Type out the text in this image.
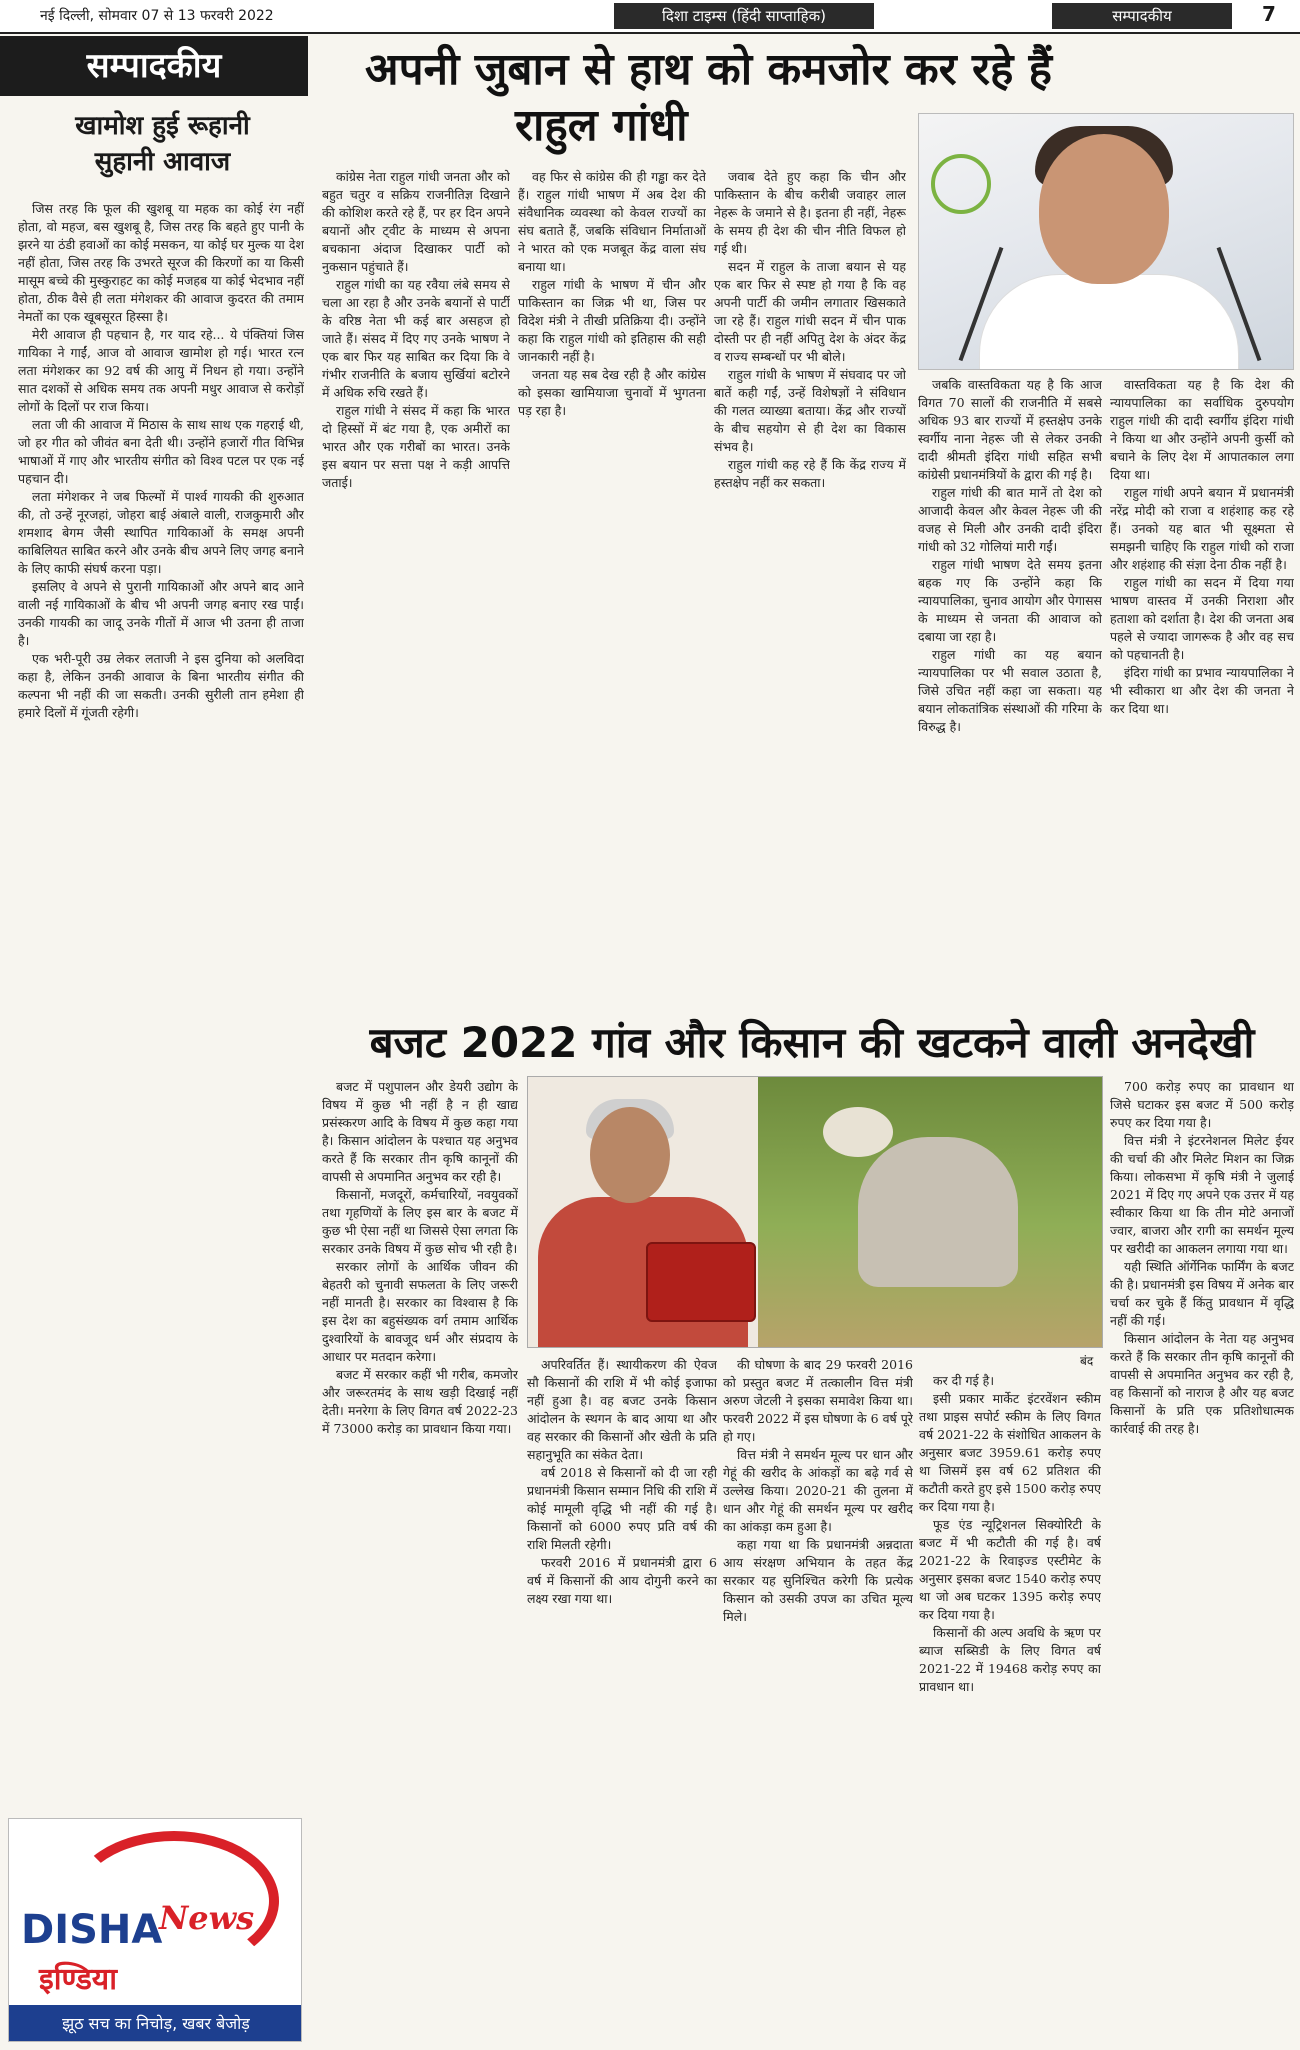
नई दिल्ली, सोमवार 07 से 13 फरवरी 2022	दिशा टाइम्स (हिंदी साप्ताहिक)	सम्पादकीय	7
सम्पादकीय	अपनी जुबान से हाथ को कमजोर कर रहे हैं
राहुल गांधी
खामोश हुई रूहानी
सुहानी आवाज

जिस तरह कि फूल की खुशबू या महक का कोई रंग नहीं होता, वो महज, बस खुशबू है, जिस तरह कि बहते हुए पानी के झरने या ठंडी हवाओं का कोई मसकन, या कोई घर मुल्क या देश नहीं होता, जिस तरह कि उभरते सूरज की किरणों का या किसी मासूम बच्चे की मुस्कुराहट का कोई मजहब या कोई भेदभाव नहीं होता, ठीक वैसे ही लता मंगेशकर की आवाज कुदरत की तमाम नेमतों का एक खूबसूरत हिस्सा है।

मेरी आवाज ही पहचान है, गर याद रहे... ये पंक्तियां जिस गायिका ने गाईं, आज वो आवाज खामोश हो गई। भारत रत्न लता मंगेशकर का 92 वर्ष की आयु में निधन हो गया। उन्होंने सात दशकों से अधिक समय तक अपनी मधुर आवाज से करोड़ों लोगों के दिलों पर राज किया।

लता जी की आवाज में मिठास के साथ साथ एक गहराई थी, जो हर गीत को जीवंत बना देती थी। उन्होंने हजारों गीत विभिन्न भाषाओं में गाए और भारतीय संगीत को विश्व पटल पर एक नई पहचान दी।

लता मंगेशकर ने जब फिल्मों में पार्श्व गायकी की शुरुआत की, तो उन्हें नूरजहां, जोहरा बाई अंबाले वाली, राजकुमारी और शमशाद बेगम जैसी स्थापित गायिकाओं के समक्ष अपनी काबिलियत साबित करने और उनके बीच अपने लिए जगह बनाने के लिए काफी संघर्ष करना पड़ा।

इसलिए वे अपने से पुरानी गायिकाओं और अपने बाद आने वाली नई गायिकाओं के बीच भी अपनी जगह बनाए रख पाईं। उनकी गायकी का जादू उनके गीतों में आज भी उतना ही ताजा है।

एक भरी-पूरी उम्र लेकर लताजी ने इस दुनिया को अलविदा कहा है, लेकिन उनकी आवाज के बिना भारतीय संगीत की कल्पना भी नहीं की जा सकती। उनकी सुरीली तान हमेशा ही हमारे दिलों में गूंजती रहेगी।

कांग्रेस नेता राहुल गांधी जनता और को बहुत चतुर व सक्रिय राजनीतिज्ञ दिखाने की कोशिश करते रहे हैं, पर हर दिन अपने बयानों और ट्वीट के माध्यम से अपना बचकाना अंदाज दिखाकर पार्टी को नुकसान पहुंचाते हैं।

राहुल गांधी का यह रवैया लंबे समय से चला आ रहा है और उनके बयानों से पार्टी के वरिष्ठ नेता भी कई बार असहज हो जाते हैं। संसद में दिए गए उनके भाषण ने एक बार फिर यह साबित कर दिया कि वे गंभीर राजनीति के बजाय सुर्खियां बटोरने में अधिक रुचि रखते हैं।

राहुल गांधी ने संसद में कहा कि भारत दो हिस्सों में बंट गया है, एक अमीरों का भारत और एक गरीबों का भारत। उनके इस बयान पर सत्ता पक्ष ने कड़ी आपत्ति जताई।

वह फिर से कांग्रेस की ही गड्ढा कर देते हैं। राहुल गांधी भाषण में अब देश की संवैधानिक व्यवस्था को केवल राज्यों का संघ बताते हैं, जबकि संविधान निर्माताओं ने भारत को एक मजबूत केंद्र वाला संघ बनाया था।

राहुल गांधी के भाषण में चीन और पाकिस्तान का जिक्र भी था, जिस पर विदेश मंत्री ने तीखी प्रतिक्रिया दी। उन्होंने कहा कि राहुल गांधी को इतिहास की सही जानकारी नहीं है।

जनता यह सब देख रही है और कांग्रेस को इसका खामियाजा चुनावों में भुगतना पड़ रहा है।

जवाब देते हुए कहा कि चीन और पाकिस्तान के बीच करीबी जवाहर लाल नेहरू के जमाने से है। इतना ही नहीं, नेहरू के समय ही देश की चीन नीति विफल हो गई थी।

सदन में राहुल के ताजा बयान से यह एक बार फिर से स्पष्ट हो गया है कि वह अपनी पार्टी की जमीन लगातार खिसकाते जा रहे हैं। राहुल गांधी सदन में चीन पाक दोस्ती पर ही नहीं अपितु देश के अंदर केंद्र व राज्य सम्बन्धों पर भी बोले।

राहुल गांधी के भाषण में संघवाद पर जो बातें कही गईं, उन्हें विशेषज्ञों ने संविधान की गलत व्याख्या बताया। केंद्र और राज्यों के बीच सहयोग से ही देश का विकास संभव है।

राहुल गांधी कह रहे हैं कि केंद्र राज्य में हस्तक्षेप नहीं कर सकता।

जबकि वास्तविकता यह है कि आज विगत 70 सालों की राजनीति में सबसे अधिक 93 बार राज्यों में हस्तक्षेप उनके स्वर्गीय नाना नेहरू जी से लेकर उनकी दादी श्रीमती इंदिरा गांधी सहित सभी कांग्रेसी प्रधानमंत्रियों के द्वारा की गई है।

राहुल गांधी की बात मानें तो देश को आजादी केवल और केवल नेहरू जी की वजह से मिली और उनकी दादी इंदिरा गांधी को 32 गोलियां मारी गईं।

राहुल गांधी भाषण देते समय इतना बहक गए कि उन्होंने कहा कि न्यायपालिका, चुनाव आयोग और पेगासस के माध्यम से जनता की आवाज को दबाया जा रहा है।

राहुल गांधी का यह बयान न्यायपालिका पर भी सवाल उठाता है, जिसे उचित नहीं कहा जा सकता। यह बयान लोकतांत्रिक संस्थाओं की गरिमा के विरुद्ध है।

वास्तविकता यह है कि देश की न्यायपालिका का सर्वाधिक दुरुपयोग राहुल गांधी की दादी स्वर्गीय इंदिरा गांधी ने किया था और उन्होंने अपनी कुर्सी को बचाने के लिए देश में आपातकाल लगा दिया था।

राहुल गांधी अपने बयान में प्रधानमंत्री नरेंद्र मोदी को राजा व शहंशाह कह रहे हैं। उनको यह बात भी सूक्ष्मता से समझनी चाहिए कि राहुल गांधी को राजा और शहंशाह की संज्ञा देना ठीक नहीं है।

राहुल गांधी का सदन में दिया गया भाषण वास्तव में उनकी निराशा और हताशा को दर्शाता है। देश की जनता अब पहले से ज्यादा जागरूक है और वह सच को पहचानती है।

इंदिरा गांधी का प्रभाव न्यायपालिका ने भी स्वीकारा था और देश की जनता ने कर दिया था।

बजट 2022 गांव और किसान की खटकने वाली अनदेखी

बजट में पशुपालन और डेयरी उद्योग के विषय में कुछ भी नहीं है न ही खाद्य प्रसंस्करण आदि के विषय में कुछ कहा गया है। किसान आंदोलन के पश्चात यह अनुभव करते हैं कि सरकार तीन कृषि कानूनों की वापसी से अपमानित अनुभव कर रही है।

किसानों, मजदूरों, कर्मचारियों, नवयुवकों तथा गृहणियों के लिए इस बार के बजट में कुछ भी ऐसा नहीं था जिससे ऐसा लगता कि सरकार उनके विषय में कुछ सोच भी रही है।

सरकार लोगों के आर्थिक जीवन की बेहतरी को चुनावी सफलता के लिए जरूरी नहीं मानती है। सरकार का विश्वास है कि इस देश का बहुसंख्यक वर्ग तमाम आर्थिक दुश्वारियों के बावजूद धर्म और संप्रदाय के आधार पर मतदान करेगा।

बजट में सरकार कहीं भी गरीब, कमजोर और जरूरतमंद के साथ खड़ी दिखाई नहीं देती। मनरेगा के लिए विगत वर्ष 2022-23 में 73000 करोड़ का प्रावधान किया गया।

बंद

अपरिवर्तित हैं। स्थायीकरण की ऐवज सौ किसानों की राशि में भी कोई इजाफा नहीं हुआ है। वह बजट उनके किसान आंदोलन के स्थगन के बाद आया था और वह सरकार की किसानों और खेती के प्रति सहानुभूति का संकेत देता।

वर्ष 2018 से किसानों को दी जा रही प्रधानमंत्री किसान सम्मान निधि की राशि में कोई मामूली वृद्धि भी नहीं की गई है। किसानों को 6000 रुपए प्रति वर्ष की राशि मिलती रहेगी।

फरवरी 2016 में प्रधानमंत्री द्वारा 6 वर्ष में किसानों की आय दोगुनी करने का लक्ष्य रखा गया था।

की घोषणा के बाद 29 फरवरी 2016 को प्रस्तुत बजट में तत्कालीन वित्त मंत्री अरुण जेटली ने इसका समावेश किया था। फरवरी 2022 में इस घोषणा के 6 वर्ष पूरे हो गए।

वित्त मंत्री ने समर्थन मूल्य पर धान और गेहूं की खरीद के आंकड़ों का बढ़े गर्व से उल्लेख किया। 2020-21 की तुलना में धान और गेहूं की समर्थन मूल्य पर खरीद का आंकड़ा कम हुआ है।

कहा गया था कि प्रधानमंत्री अन्नदाता आय संरक्षण अभियान के तहत केंद्र सरकार यह सुनिश्चित करेगी कि प्रत्येक किसान को उसकी उपज का उचित मूल्य मिले।

कर दी गई है।

इसी प्रकार मार्केट इंटरवेंशन स्कीम तथा प्राइस सपोर्ट स्कीम के लिए विगत वर्ष 2021-22 के संशोधित आकलन के अनुसार बजट 3959.61 करोड़ रुपए था जिसमें इस वर्ष 62 प्रतिशत की कटौती करते हुए इसे 1500 करोड़ रुपए कर दिया गया है।

फूड एंड न्यूट्रिशनल सिक्योरिटी के बजट में भी कटौती की गई है। वर्ष 2021-22 के रिवाइज्ड एस्टीमेट के अनुसार इसका बजट 1540 करोड़ रुपए था जो अब घटकर 1395 करोड़ रुपए कर दिया गया है।

किसानों की अल्प अवधि के ऋण पर ब्याज सब्सिडी के लिए विगत वर्ष 2021-22 में 19468 करोड़ रुपए का प्रावधान था।

700 करोड़ रुपए का प्रावधान था जिसे घटाकर इस बजट में 500 करोड़ रुपए कर दिया गया है।

वित्त मंत्री ने इंटरनेशनल मिलेट ईयर की चर्चा की और मिलेट मिशन का जिक्र किया। लोकसभा में कृषि मंत्री ने जुलाई 2021 में दिए गए अपने एक उत्तर में यह स्वीकार किया था कि तीन मोटे अनाजों ज्वार, बाजरा और रागी का समर्थन मूल्य पर खरीदी का आकलन लगाया गया था।

यही स्थिति ऑर्गेनिक फार्मिंग के बजट की है। प्रधानमंत्री इस विषय में अनेक बार चर्चा कर चुके हैं किंतु प्रावधान में वृद्धि नहीं की गई।

किसान आंदोलन के नेता यह अनुभव करते हैं कि सरकार तीन कृषि कानूनों की वापसी से अपमानित अनुभव कर रही है, वह किसानों को नाराज है और यह बजट किसानों के प्रति एक प्रतिशोधात्मक कार्रवाई की तरह है।

DISHA
News
इण्डिया
झूठ सच का निचोड़, खबर बेजोड़
